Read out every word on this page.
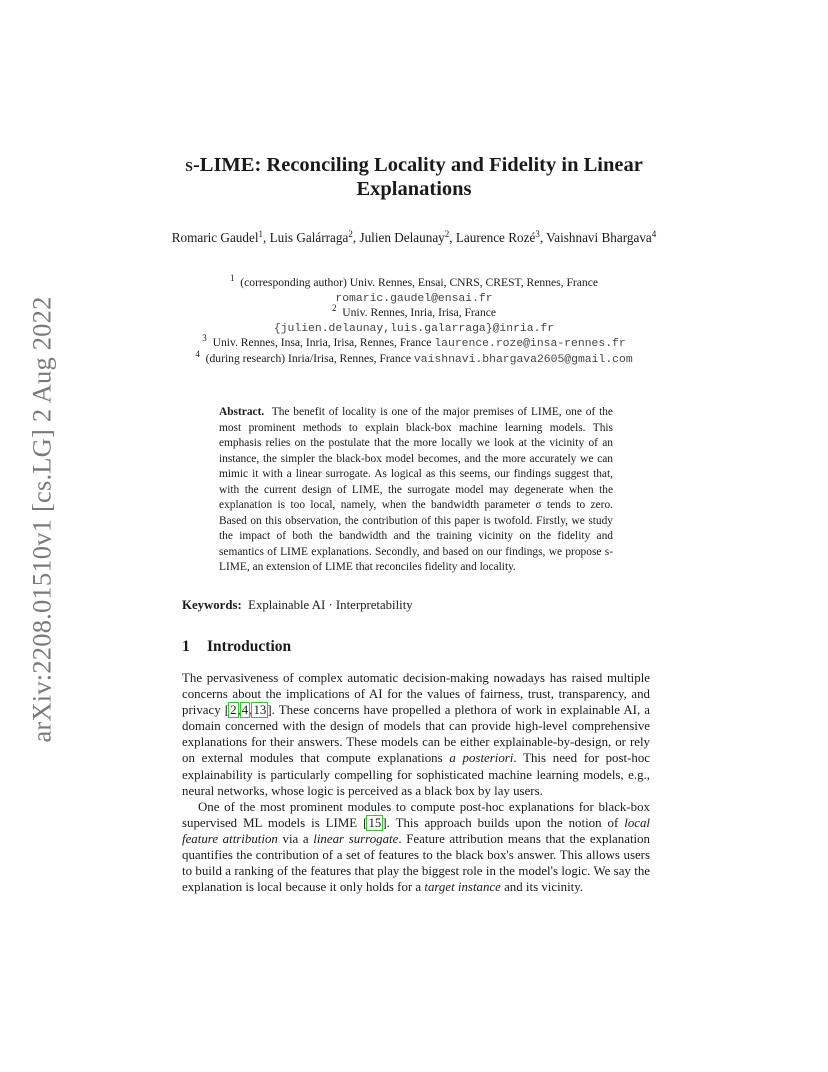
arXiv:2208.01510v1 [cs.LG] 2 Aug 2022
s-LIME: Reconciling Locality and Fidelity in Linear
Explanations
Romaric Gaudel$^1$, Luis Galárraga$^2$, Julien Delaunay$^2$, Laurence Rozé$^3$, Vaishnavi Bhargava$^4$
$^1$ (corresponding author) Univ. Rennes, Ensai, CNRS, CREST, Rennes, France
romaric.gaudel@ensai.fr
$^2$ Univ. Rennes, Inria, Irisa, France
{julien.delaunay,luis.galarraga}@inria.fr
$^3$ Univ. Rennes, Insa, Inria, Irisa, Rennes, France laurence.roze@insa-rennes.fr
$^4$ (during research) Inria/Irisa, Rennes, France vaishnavi.bhargava2605@gmail.com
Abstract. The benefit of locality is one of the major premises of LIME, one of the most prominent methods to explain black-box machine learning models. This emphasis relies on the postulate that the more locally we look at the vicinity of an instance, the simpler the black-box model becomes, and the more accurately we can mimic it with a linear surrogate. As logical as this seems, our findings suggest that, with the current design of LIME, the surrogate model may degenerate when the explanation is too local, namely, when the bandwidth parameter σ tends to zero. Based on this observation, the contribution of this paper is twofold. Firstly, we study the impact of both the bandwidth and the training vicinity on the fidelity and semantics of LIME explanations. Secondly, and based on our findings, we propose s-LIME, an extension of LIME that reconciles fidelity and locality.
Keywords: Explainable AI · Interpretability
1 Introduction

The pervasiveness of complex automatic decision-making nowadays has raised multiple concerns about the implications of AI for the values of fairness, trust, transparency, and privacy [2,4,13]. These concerns have propelled a plethora of work in explainable AI, a domain concerned with the design of models that can provide high-level comprehensive explanations for their answers. These models can be either explainable-by-design, or rely on external modules that compute explanations a posteriori. This need for post-hoc explainability is particularly compelling for sophisticated machine learning models, e.g., neural networks, whose logic is perceived as a black box by lay users.

One of the most prominent modules to compute post-hoc explanations for black-box supervised ML models is LIME [15]. This approach builds upon the notion of local feature attribution via a linear surrogate. Feature attribution means that the explanation quantifies the contribution of a set of features to the black box's answer. This allows users to build a ranking of the features that play the biggest role in the model's logic. We say the explanation is local because it only holds for a target instance and its vicinity.
